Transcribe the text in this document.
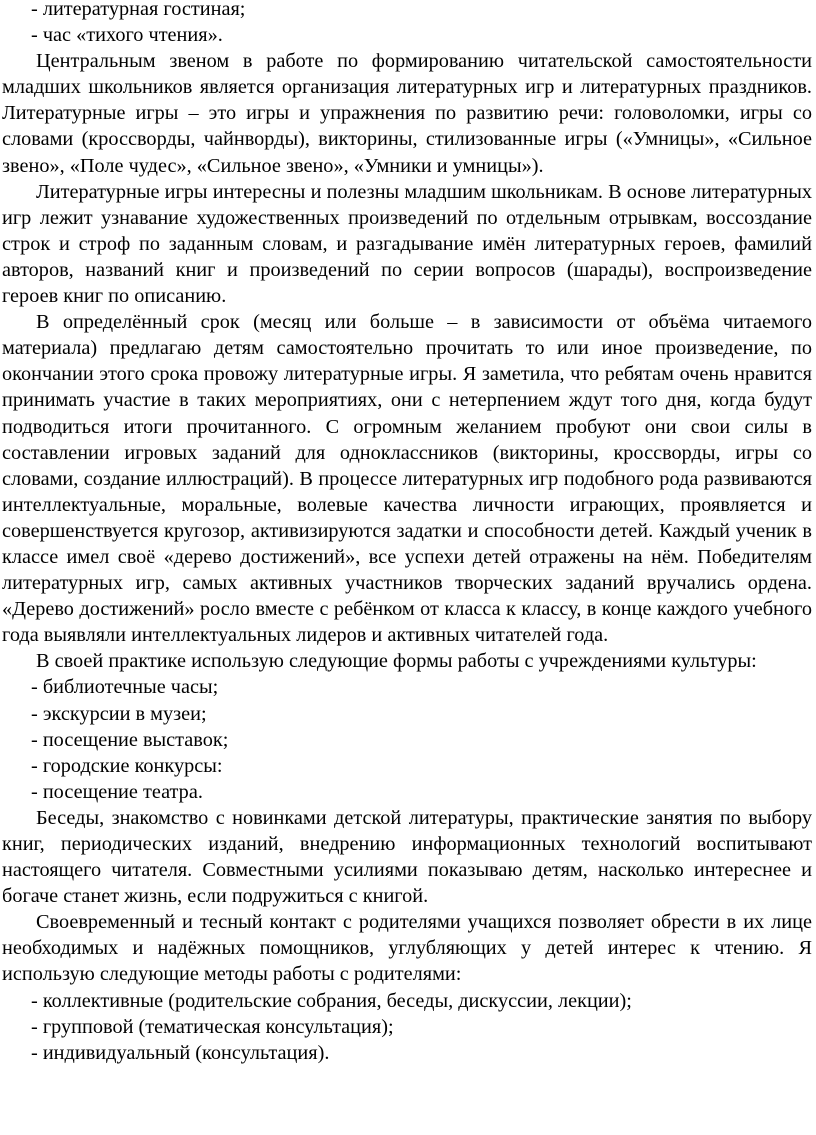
- литературная гостиная;

- час «тихого чтения».

Центральным звеном в работе по формированию читательской самостоятельности младших школьников является организация литературных игр и литературных праздников. Литературные игры – это игры и упражнения по развитию речи: головоломки, игры со словами (кроссворды, чайнворды), викторины, стилизованные игры («Умницы», «Сильное звено», «Поле чудес», «Сильное звено», «Умники и умницы»).

Литературные игры интересны и полезны младшим школьникам. В основе литературных игр лежит узнавание художественных произведений по отдельным отрывкам, воссоздание строк и строф по заданным словам, и разгадывание имён литературных героев, фамилий авторов, названий книг и произведений по серии вопросов (шарады), воспроизведение героев книг по описанию.

В определённый срок (месяц или больше – в зависимости от объёма читаемого материала) предлагаю детям самостоятельно прочитать то или иное произведение, по окончании этого срока провожу литературные игры. Я заметила, что ребятам очень нравится принимать участие в таких мероприятиях, они с нетерпением ждут того дня, когда будут подводиться итоги прочитанного. С огромным желанием пробуют они свои силы в составлении игровых заданий для одноклассников (викторины, кроссворды, игры со словами, создание иллюстраций). В процессе литературных игр подобного рода развиваются интеллектуальные, моральные, волевые качества личности играющих, проявляется и совершенствуется кругозор, активизируются задатки и способности детей. Каждый ученик в классе имел своё «дерево достижений», все успехи детей отражены на нём. Победителям литературных игр, самых активных участников творческих заданий вручались ордена. «Дерево достижений» росло вместе с ребёнком от класса к классу, в конце каждого учебного года выявляли интеллектуальных лидеров и активных читателей года.

В своей практике использую следующие формы работы с учреждениями культуры:

- библиотечные часы;

- экскурсии в музеи;

- посещение выставок;

- городские конкурсы:

- посещение театра.

Беседы, знакомство с новинками детской литературы, практические занятия по выбору книг, периодических изданий, внедрению информационных технологий воспитывают настоящего читателя. Совместными усилиями показываю детям, насколько интереснее и богаче станет жизнь, если подружиться с книгой.

Своевременный и тесный контакт с родителями учащихся позволяет обрести в их лице необходимых и надёжных помощников, углубляющих у детей интерес к чтению. Я использую следующие методы работы с родителями:

- коллективные (родительские собрания, беседы, дискуссии, лекции);

- групповой (тематическая консультация);

- индивидуальный (консультация).
